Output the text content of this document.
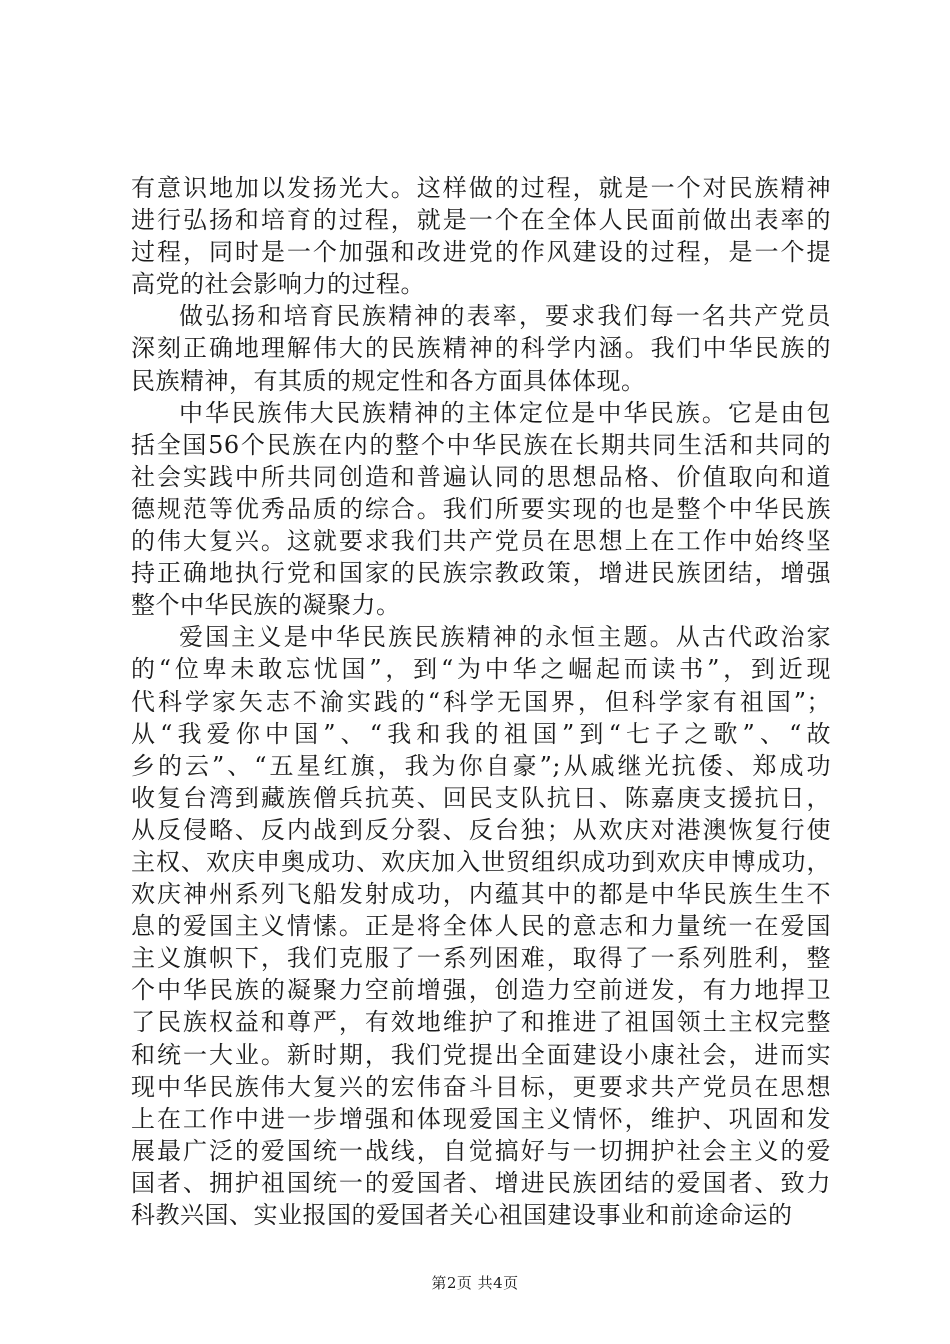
有意识地加以发扬光大。这样做的过程，就是一个对民族精神
进行弘扬和培育的过程，就是一个在全体人民面前做出表率的
过程，同时是一个加强和改进党的作风建设的过程，是一个提
高党的社会影响力的过程。
做弘扬和培育民族精神的表率，要求我们每一名共产党员
深刻正确地理解伟大的民族精神的科学内涵。我们中华民族的
民族精神，有其质的规定性和各方面具体体现。
中华民族伟大民族精神的主体定位是中华民族。它是由包
括全国56个民族在内的整个中华民族在长期共同生活和共同的
社会实践中所共同创造和普遍认同的思想品格、价值取向和道
德规范等优秀品质的综合。我们所要实现的也是整个中华民族
的伟大复兴。这就要求我们共产党员在思想上在工作中始终坚
持正确地执行党和国家的民族宗教政策，增进民族团结，增强
整个中华民族的凝聚力。
爱国主义是中华民族民族精神的永恒主题。从古代政治家
的“位卑未敢忘忧国”，到“为中华之崛起而读书”，到近现
代科学家矢志不渝实践的“科学无国界，但科学家有祖国”；
从“我爱你中国”、“我和我的祖国”到“七子之歌”、“故
乡的云”、“五星红旗，我为你自豪”;从戚继光抗倭、郑成功
收复台湾到藏族僧兵抗英、回民支队抗日、陈嘉庚支援抗日，
从反侵略、反内战到反分裂、反台独；从欢庆对港澳恢复行使
主权、欢庆申奥成功、欢庆加入世贸组织成功到欢庆申博成功，
欢庆神州系列飞船发射成功，内蕴其中的都是中华民族生生不
息的爱国主义情愫。正是将全体人民的意志和力量统一在爱国
主义旗帜下，我们克服了一系列困难，取得了一系列胜利，整
个中华民族的凝聚力空前增强，创造力空前迸发，有力地捍卫
了民族权益和尊严，有效地维护了和推进了祖国领土主权完整
和统一大业。新时期，我们党提出全面建设小康社会，进而实
现中华民族伟大复兴的宏伟奋斗目标，更要求共产党员在思想
上在工作中进一步增强和体现爱国主义情怀，维护、巩固和发
展最广泛的爱国统一战线，自觉搞好与一切拥护社会主义的爱
国者、拥护祖国统一的爱国者、增进民族团结的爱国者、致力
科教兴国、实业报国的爱国者关心祖国建设事业和前途命运的
第2页 共4页
